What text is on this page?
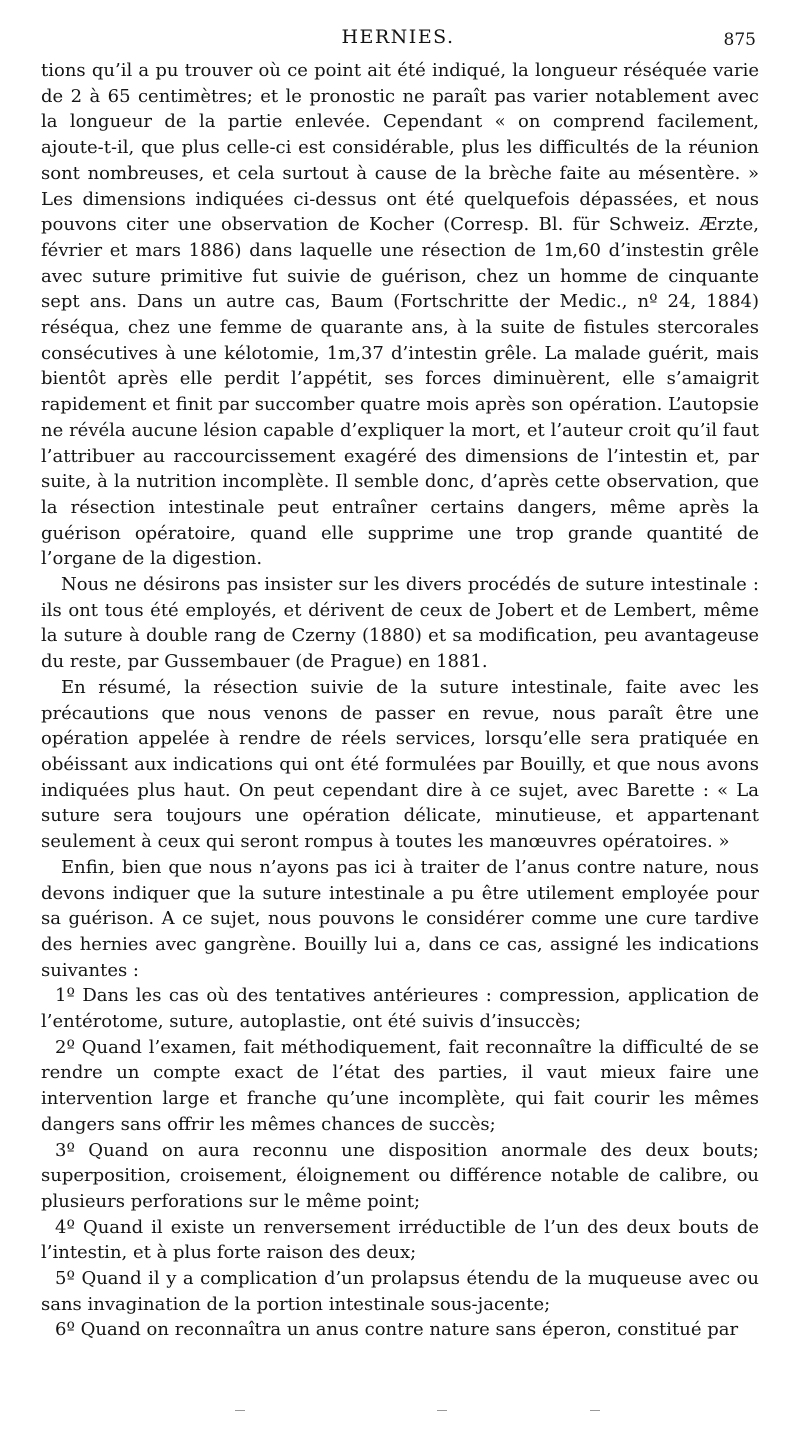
HERNIES.	875

tions qu’il a pu trouver où ce point ait été indiqué, la longueur réséquée varie de 2 à 65 centimètres; et le pronostic ne paraît pas varier notablement avec la longueur de la partie enlevée. Cependant « on comprend facilement, ajoute-t-il, que plus celle-ci est considérable, plus les difficultés de la réunion sont nombreuses, et cela surtout à cause de la brèche faite au mésentère. » Les dimensions indiquées ci-dessus ont été quelquefois dépassées, et nous pouvons citer une observation de Kocher (Corresp. Bl. für Schweiz. Ærzte, février et mars 1886) dans laquelle une résection de 1m,60 d’instestin grêle avec suture primitive fut suivie de guérison, chez un homme de cinquante sept ans. Dans un autre cas, Baum (Fortschritte der Medic., nº 24, 1884) réséqua, chez une femme de quarante ans, à la suite de fistules stercorales consécutives à une kélotomie, 1m,37 d’intestin grêle. La malade guérit, mais bientôt après elle perdit l’appétit, ses forces diminuèrent, elle s’amaigrit rapidement et finit par succomber quatre mois après son opération. L’autopsie ne révéla aucune lésion capable d’expliquer la mort, et l’auteur croit qu’il faut l’attribuer au raccourcissement exagéré des dimensions de l’intestin et, par suite, à la nutrition incomplète. Il semble donc, d’après cette observation, que la résection intestinale peut entraîner certains dangers, même après la guérison opératoire, quand elle supprime une trop grande quantité de l’organe de la digestion.

Nous ne désirons pas insister sur les divers procédés de suture intestinale : ils ont tous été employés, et dérivent de ceux de Jobert et de Lembert, même la suture à double rang de Czerny (1880) et sa modification, peu avantageuse du reste, par Gussembauer (de Prague) en 1881.

En résumé, la résection suivie de la suture intestinale, faite avec les précautions que nous venons de passer en revue, nous paraît être une opération appelée à rendre de réels services, lorsqu’elle sera pratiquée en obéissant aux indications qui ont été formulées par Bouilly, et que nous avons indiquées plus haut. On peut cependant dire à ce sujet, avec Barette : « La suture sera toujours une opération délicate, minutieuse, et appartenant seulement à ceux qui seront rompus à toutes les manœuvres opératoires. »

Enfin, bien que nous n’ayons pas ici à traiter de l’anus contre nature, nous devons indiquer que la suture intestinale a pu être utilement employée pour sa guérison. A ce sujet, nous pouvons le considérer comme une cure tardive des hernies avec gangrène. Bouilly lui a, dans ce cas, assigné les indications suivantes :

1º Dans les cas où des tentatives antérieures : compression, application de l’entérotome, suture, autoplastie, ont été suivis d’insuccès;

2º Quand l’examen, fait méthodiquement, fait reconnaître la difficulté de se rendre un compte exact de l’état des parties, il vaut mieux faire une intervention large et franche qu’une incomplète, qui fait courir les mêmes dangers sans offrir les mêmes chances de succès;

3º Quand on aura reconnu une disposition anormale des deux bouts; superposition, croisement, éloignement ou différence notable de calibre, ou plusieurs perforations sur le même point;

4º Quand il existe un renversement irréductible de l’un des deux bouts de l’intestin, et à plus forte raison des deux;

5º Quand il y a complication d’un prolapsus étendu de la muqueuse avec ou sans invagination de la portion intestinale sous-jacente;

6º Quand on reconnaîtra un anus contre nature sans éperon, constitué par
